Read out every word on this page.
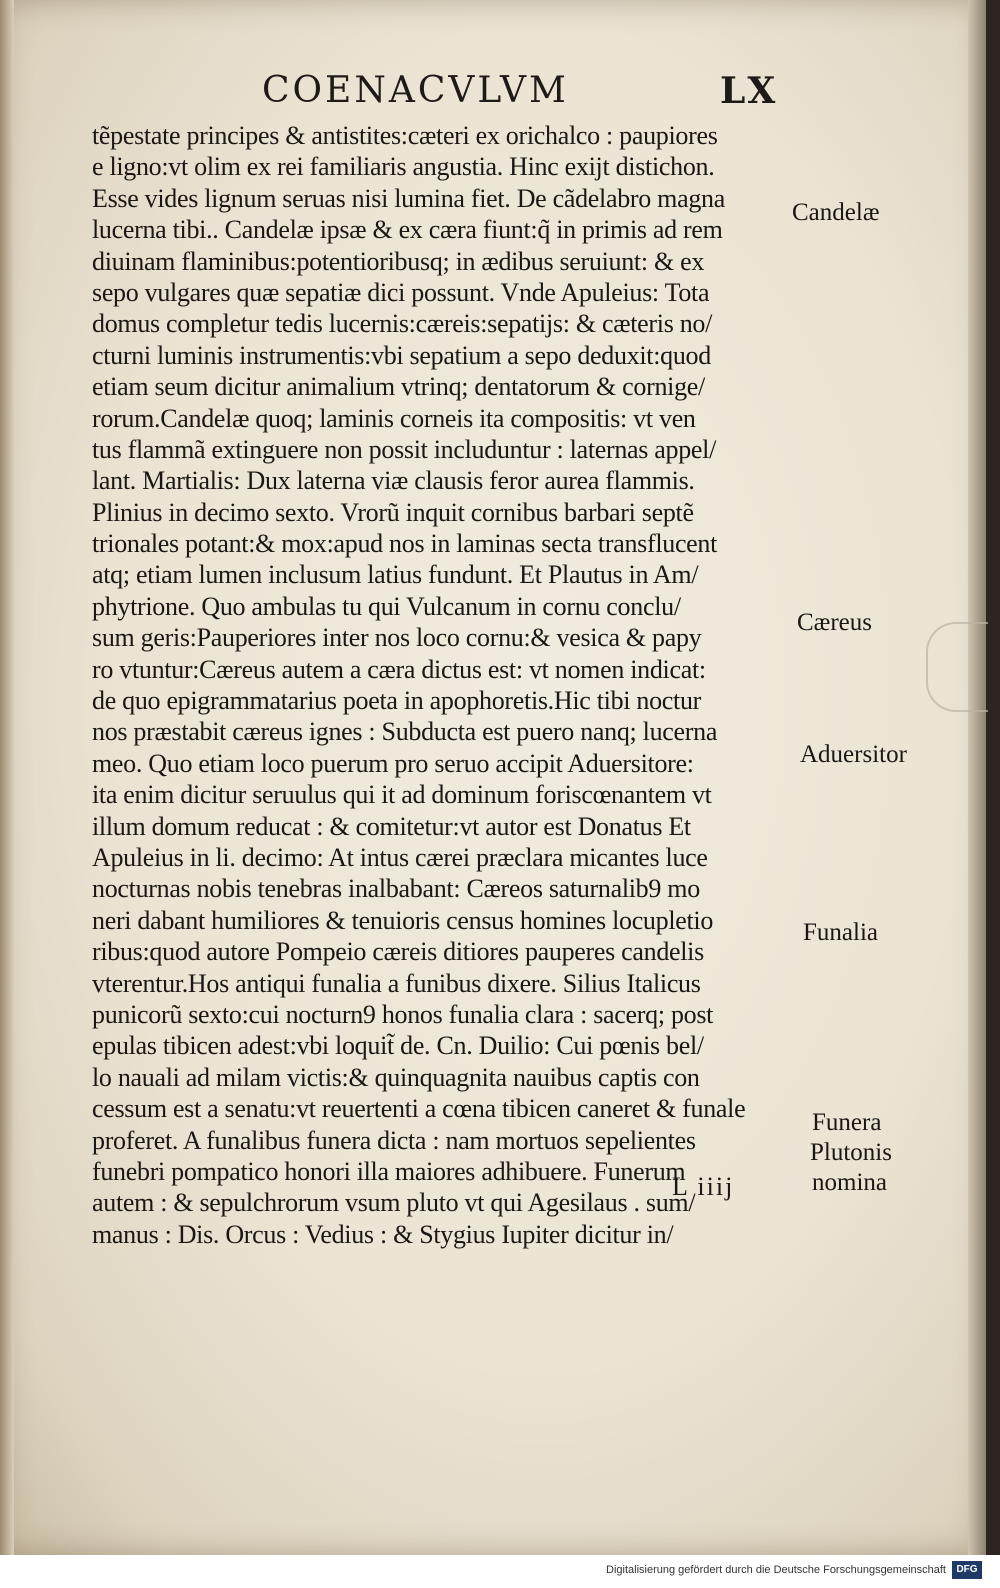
COENACVLVM	LX
tẽpestate principes & antistites:cæteri ex orichalco : paupiores
e ligno:vt olim ex rei familiaris angustia. Hinc exijt distichon.
Esse vides lignum seruas nisi lumina fiet. De cãdelabro magna
lucerna tibi.. Candelæ ipsæ & ex cæra fiunt:q̃ in primis ad rem
diuinam flaminibus:potentioribusq; in ædibus seruiunt: & ex
sepo vulgares quæ sepatiæ dici possunt. Vnde Apuleius: Tota
domus completur tedis lucernis:cæreis:sepatijs: & cæteris no/
cturni luminis instrumentis:vbi sepatium a sepo deduxit:quod
etiam seum dicitur animalium vtrinq; dentatorum & cornige/
rorum.Candelæ quoq; laminis corneis ita compositis: vt ven
tus flammã extinguere non possit includuntur : laternas appel/
lant. Martialis: Dux laterna viæ clausis feror aurea flammis.
Plinius in decimo sexto. Vrorũ inquit cornibus barbari septẽ
trionales potant:& mox:apud nos in laminas secta transflucent
atq; etiam lumen inclusum latius fundunt. Et Plautus in Am/
phytrione. Quo ambulas tu qui Vulcanum in cornu conclu/
sum geris:Pauperiores inter nos loco cornu:& vesica & papy
ro vtuntur:Cæreus autem a cæra dictus est: vt nomen indicat:
de quo epigrammatarius poeta in apophoretis.Hic tibi noctur
nos præstabit cæreus ignes : Subducta est puero nanq; lucerna
meo. Quo etiam loco puerum pro seruo accipit Aduersitore:
ita enim dicitur seruulus qui it ad dominum foriscœnantem vt
illum domum reducat : & comitetur:vt autor est Donatus Et
Apuleius in li. decimo: At intus cærei præclara micantes luce
nocturnas nobis tenebras inalbabant: Cæreos saturnalib9 mo
neri dabant humiliores & tenuioris census homines locupletio
ribus:quod autore Pompeio cæreis ditiores pauperes candelis
vterentur.Hos antiqui funalia a funibus dixere. Silius Italicus
punicorũ sexto:cui nocturn9 honos funalia clara : sacerq; post
epulas tibicen adest:vbi loquit̃ de. Cn. Duilio: Cui pœnis bel/
lo nauali ad milam victis:& quinquagnita nauibus captis con
cessum est a senatu:vt reuertenti a cœna tibicen caneret & funale
proferet. A funalibus funera dicta : nam mortuos sepelientes
funebri pompatico honori illa maiores adhibuere. Funerum
autem : & sepulchrorum vsum pluto vt qui Agesilaus . sum/
manus : Dis. Orcus : Vedius : & Stygius Iupiter dicitur in/
L iiij
Candelæ
Cæreus
Aduersitor
Funalia
Funera
Plutonis
nomina
Digitalisierung gefördert durch die Deutsche Forschungsgemeinschaft	DFG
